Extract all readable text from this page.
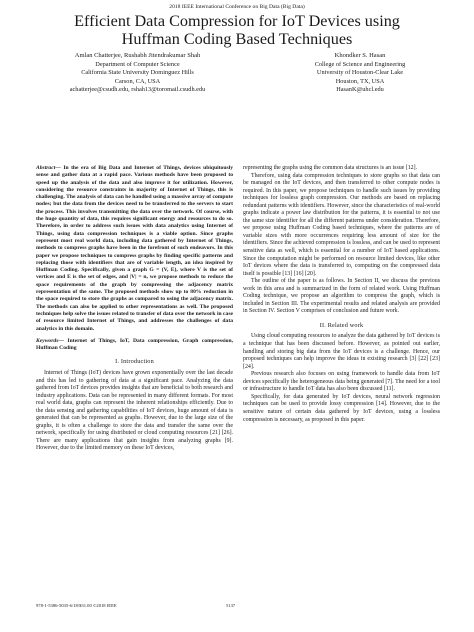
2018 IEEE International Conference on Big Data (Big Data)
Efficient Data Compression for IoT Devices using
Huffman Coding Based Techniques
Amlan Chatterjee, Rushabh Jitendrakumar Shah
Department of Computer Science
California State University Dominguez Hills
Carson, CA, USA
achatterjee@csudh.edu, rshah13@toromail.csudh.edu
Khondker S. Hasan
College of Science and Engineering
University of Houston-Clear Lake
Houston, TX, USA
HasanK@uhcl.edu

Abstract— In the era of Big Data and Internet of Things, devices ubiquitously sense and gather data at a rapid pace. Various methods have been proposed to speed up the analysis of the data and also improve it for utilization. However, considering the resource constraints in majority of Internet of Things, this is challenging. The analysis of data can be handled using a massive array of compute nodes; but the data from the devices need to be transferred to the servers to start the process. This involves transmitting the data over the network. Of course, with the huge quantity of data, this requires significant energy and resources to do so. Therefore, in order to address such issues with data analytics using Internet of Things, using data compression techniques is a viable option. Since graphs represent most real world data, including data gathered by Internet of Things, methods to compress graphs have been in the forefront of such endeavors. In this paper we propose techniques to compress graphs by finding specific patterns and replacing those with identifiers that are of variable length, an idea inspired by Huffman Coding. Specifically, given a graph G = (V, E), where V is the set of vertices and E is the set of edges, and |V| = n, we propose methods to reduce the space requirements of the graph by compressing the adjacency matrix representation of the same. The proposed methods show up to 80% reduction in the space required to store the graphs as compared to using the adjacency matrix. The methods can also be applied to other representations as well. The proposed techniques help solve the issues related to transfer of data over the network in case of resource limited Internet of Things, and addresses the challenges of data analytics in this domain.

Keywords— Internet of Things, IoT, Data compression, Graph compression, Huffman Coding

I. Introduction

Internet of Things (IoT) devices have grown exponentially over the last decade and this has led to gathering of data at a significant pace. Analyzing the data gathered from IoT devices provides insights that are beneficial to both research and industry applications. Data can be represented in many different formats. For most real world data, graphs can represent the inherent relationships efficiently. Due to the data sensing and gathering capabilities of IoT devices, huge amount of data is generated that can be represented as graphs. However, due to the large size of the graphs, it is often a challenge to store the data and transfer the same over the network, specifically for using distributed or cloud computing resources [21] [26]. There are many applications that gain insights from analyzing graphs [9]. However, due to the limited memory on these IoT devices,

representing the graphs using the common data structures is an issue [12].

Therefore, using data compression techniques to store graphs so that data can be managed on the IoT devices, and then transferred to other compute nodes is required. In this paper, we propose techniques to handle such issues by providing techniques for lossless graph compression. Our methods are based on replacing redundant patterns with identifiers. However, since the characteristics of real-world graphs indicate a power law distribution for the patterns, it is essential to not use the same size identifier for all the different patterns under consideration. Therefore, we propose using Huffman Coding based techniques, where the patterns are of variable sizes with more occurrences requiring less amount of size for the identifiers. Since the achieved compression is lossless, and can be used to represent sensitive data as well, which is essential for a number of IoT based applications. Since the computation might be performed on resource limited devices, like other IoT devices where the data is transferred to, computing on the compressed data itself is possible [13] [16] [20].

The outline of the paper is as follows. In Section II, we discuss the previous work in this area and is summarized in the form of related work. Using Huffman Coding technique, we propose an algorithm to compress the graph, which is included in Section III. The experimental results and related analysis are provided in Section IV. Section V comprises of conclusion and future work.

II. Related work

Using cloud computing resources to analyze the data gathered by IoT devices is a technique that has been discussed before. However, as pointed out earlier, handling and storing big data from the IoT devices is a challenge. Hence, our proposed techniques can help improve the ideas in existing research [3] [22] [23] [24].

Previous research also focuses on using framework to handle data from IoT devices specifically the heterogeneous data being generated [7]. The need for a tool or infrastructure to handle IoT data has also been discussed [11].

Specifically, for data generated by IoT devices, neural network regression techniques can be used to provide lossy compression [14]. However, due to the sensitive nature of certain data gathered by IoT devices, using a lossless compression is necessary, as proposed in this paper.

978-1-5386-5035-6/18/$31.00 ©2018 IEEE	5137
